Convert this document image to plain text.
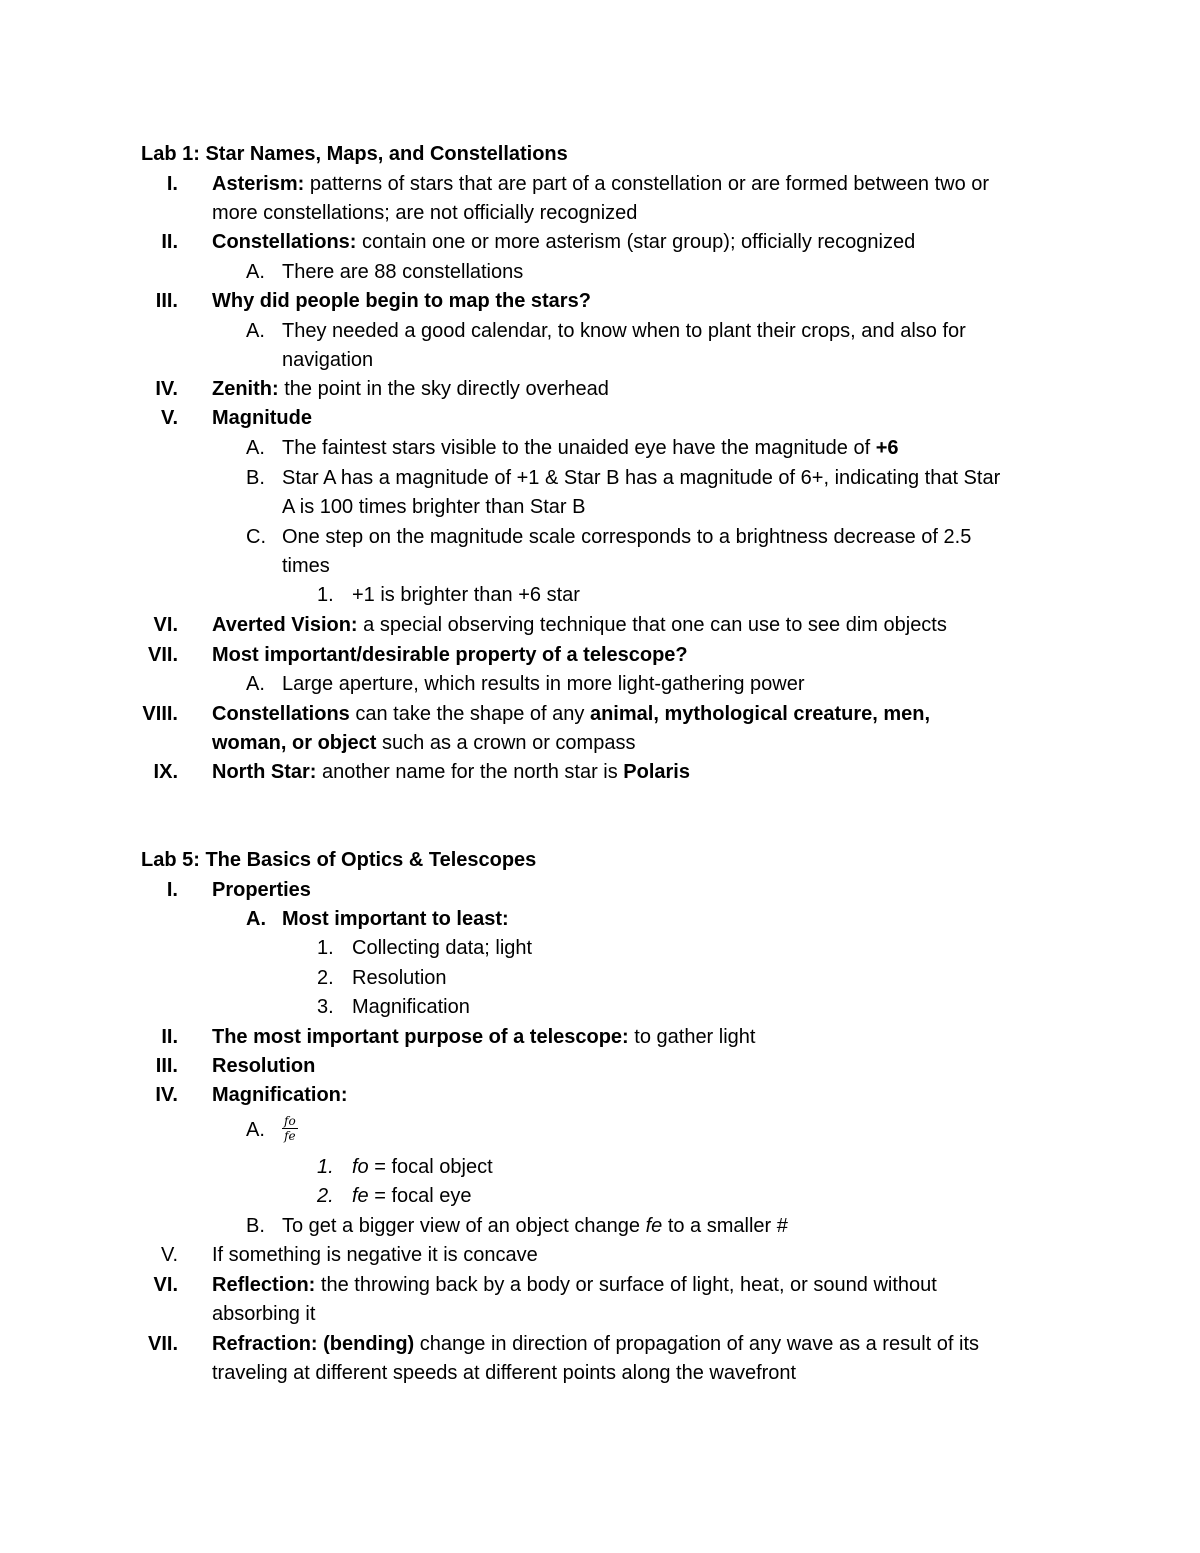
Lab 1: Star Names, Maps, and Constellations
I. Asterism: patterns of stars that are part of a constellation or are formed between two or
more constellations; are not officially recognized
II. Constellations: contain one or more asterism (star group); officially recognized
A. There are 88 constellations
III. Why did people begin to map the stars?
A. They needed a good calendar, to know when to plant their crops, and also for
navigation
IV. Zenith: the point in the sky directly overhead
V. Magnitude
A. The faintest stars visible to the unaided eye have the magnitude of +6
B. Star A has a magnitude of +1 & Star B has a magnitude of 6+, indicating that Star
A is 100 times brighter than Star B
C. One step on the magnitude scale corresponds to a brightness decrease of 2.5
times
1. +1 is brighter than +6 star
VI. Averted Vision: a special observing technique that one can use to see dim objects
VII. Most important/desirable property of a telescope?
A. Large aperture, which results in more light-gathering power
VIII. Constellations can take the shape of any animal, mythological creature, men,
woman, or object such as a crown or compass
IX. North Star: another name for the north star is Polaris
Lab 5: The Basics of Optics & Telescopes
I. Properties
A. Most important to least:
1. Collecting data; light
2. Resolution
3. Magnification
II. The most important purpose of a telescope: to gather light
III. Resolution
IV. Magnification:
A. $\frac{fo}{fe}$
1. fo = focal object
2. fe = focal eye
B. To get a bigger view of an object change fe to a smaller #
V. If something is negative it is concave
VI. Reflection: the throwing back by a body or surface of light, heat, or sound without
absorbing it
VII. Refraction: (bending) change in direction of propagation of any wave as a result of its
traveling at different speeds at different points along the wavefront
